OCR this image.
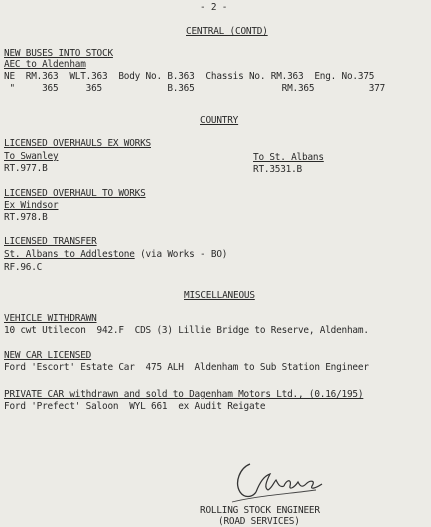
- 2 -
CENTRAL (CONTD)
NEW BUSES INTO STOCK
AEC to Aldenham
NE  RM.363  WLT.363  Body No. B.363  Chassis No. RM.363  Eng. No.375
"     365     365            B.365                RM.365          377
COUNTRY
LICENSED OVERHAULS EX WORKS
To Swanley
RT.977.B
To St. Albans
RT.3531.B
LICENSED OVERHAUL TO WORKS
Ex Windsor
RT.978.B
LICENSED TRANSFER
St. Albans to Addlestone (via Works - BO)
RF.96.C
MISCELLANEOUS
VEHICLE WITHDRAWN
10 cwt Utilecon  942.F  CDS (3) Lillie Bridge to Reserve, Aldenham.
NEW CAR LICENSED
Ford 'Escort' Estate Car  475 ALH  Aldenham to Sub Station Engineer
PRIVATE CAR withdrawn and sold to Dagenham Motors Ltd., (0.16/195)
Ford 'Prefect' Saloon  WYL 661  ex Audit Reigate
ROLLING STOCK ENGINEER
(ROAD SERVICES)
